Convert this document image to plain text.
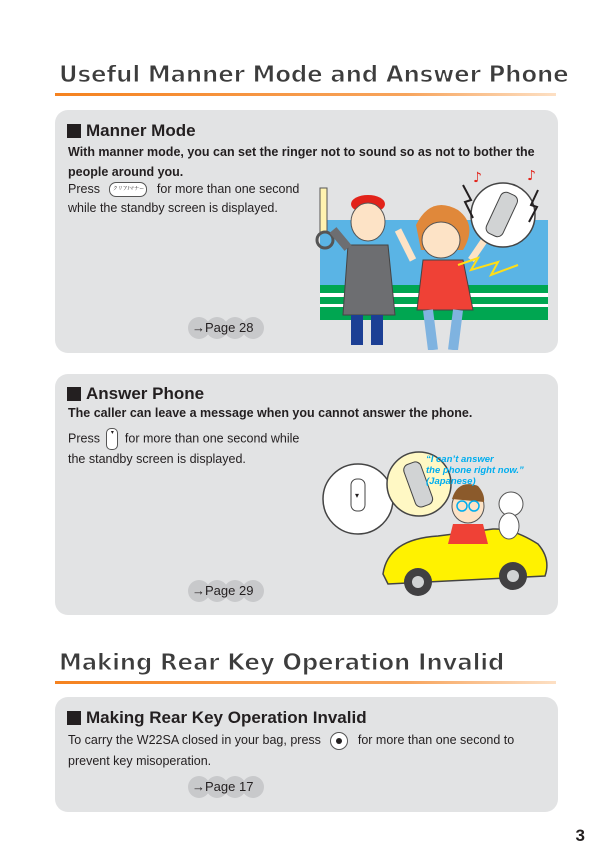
Useful Manner Mode and Answer Phone
Manner Mode
With manner mode, you can set the ringer not to sound so as not to bother the
people around you.
Press	クリア/マナー for more than one second
while the standby screen is displayed.
♪	♪
→Page 28
Answer Phone
The caller can leave a message when you cannot answer the phone.
Press ▾ for more than one second while
the standby screen is displayed.
▾
“I can’t answer
the phone right now.”
(Japanese)
→Page 29
Making Rear Key Operation Invalid
Making Rear Key Operation Invalid
To carry the W22SA closed in your bag, press	for more than one second to
prevent key misoperation.
→Page 17
3
